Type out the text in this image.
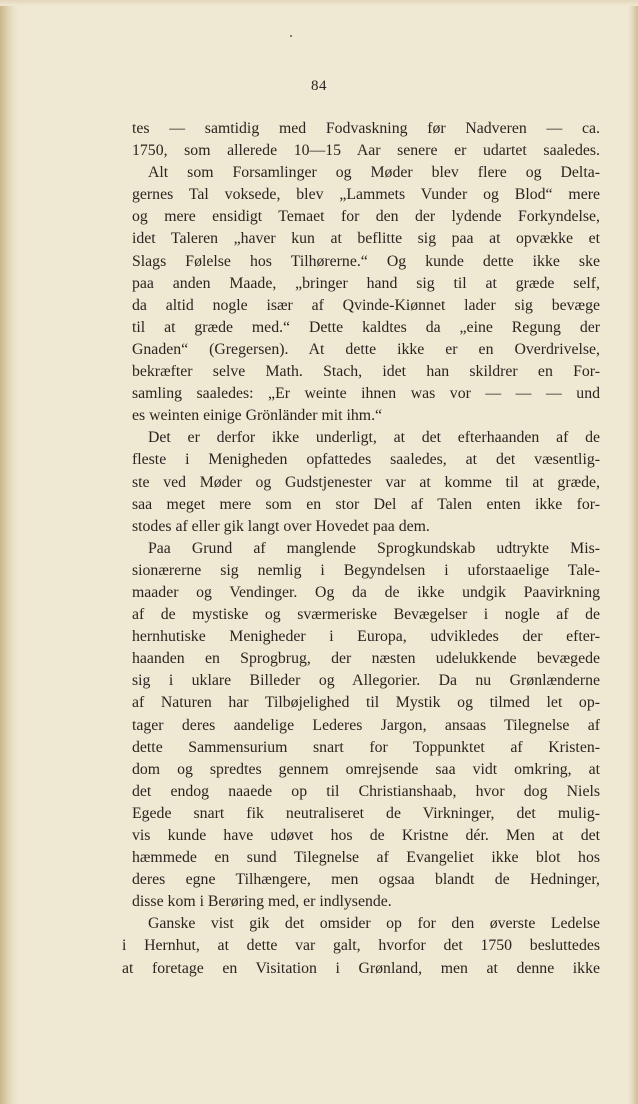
84
tes — samtidig med Fodvaskning før Nadveren — ca.
1750, som allerede 10—15 Aar senere er udartet saaledes.
Alt som Forsamlinger og Møder blev flere og Delta-
gernes Tal voksede, blev „Lammets Vunder og Blod“ mere
og mere ensidigt Temaet for den der lydende Forkyndelse,
idet Taleren „haver kun at beflitte sig paa at opvække et
Slags Følelse hos Tilhørerne.“ Og kunde dette ikke ske
paa anden Maade, „bringer hand sig til at græde self,
da altid nogle især af Qvinde-Kiønnet lader sig bevæge
til at græde med.“ Dette kaldtes da „eine Regung der
Gnaden“ (Gregersen). At dette ikke er en Overdrivelse,
bekræfter selve Math. Stach, idet han skildrer en For-
samling saaledes: „Er weinte ihnen was vor — — — und
es weinten einige Grönländer mit ihm.“
Det er derfor ikke underligt, at det efterhaanden af de
fleste i Menigheden opfattedes saaledes, at det væsentlig-
ste ved Møder og Gudstjenester var at komme til at græde,
saa meget mere som en stor Del af Talen enten ikke for-
stodes af eller gik langt over Hovedet paa dem.
Paa Grund af manglende Sprogkundskab udtrykte Mis-
sionærerne sig nemlig i Begyndelsen i uforstaaelige Tale-
maader og Vendinger. Og da de ikke undgik Paavirkning
af de mystiske og sværmeriske Bevægelser i nogle af de
hernhutiske Menigheder i Europa, udvikledes der efter-
haanden en Sprogbrug, der næsten udelukkende bevægede
sig i uklare Billeder og Allegorier. Da nu Grønlænderne
af Naturen har Tilbøjelighed til Mystik og tilmed let op-
tager deres aandelige Lederes Jargon, ansaas Tilegnelse af
dette Sammensurium snart for Toppunktet af Kristen-
dom og spredtes gennem omrejsende saa vidt omkring, at
det endog naaede op til Christianshaab, hvor dog Niels
Egede snart fik neutraliseret de Virkninger, det mulig-
vis kunde have udøvet hos de Kristne dér. Men at det
hæmmede en sund Tilegnelse af Evangeliet ikke blot hos
deres egne Tilhængere, men ogsaa blandt de Hedninger,
disse kom i Berøring med, er indlysende.
Ganske vist gik det omsider op for den øverste Ledelse
i Hernhut, at dette var galt, hvorfor det 1750 besluttedes
at foretage en Visitation i Grønland, men at denne ikke
